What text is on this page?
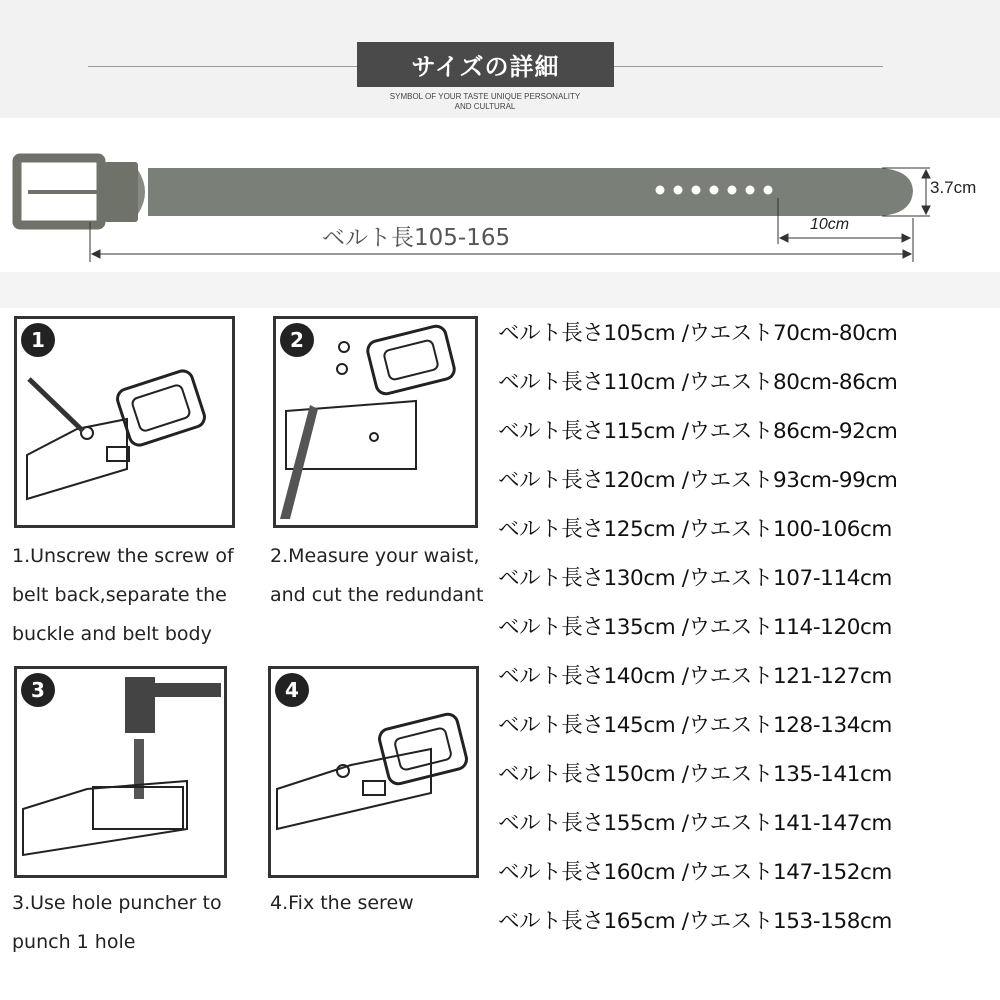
サイズの詳細
SYMBOL OF YOUR TASTE UNIQUE PERSONALITY
AND CULTURAL
ベルト長105-165
3.7cm
10cm
1
1.Unscrew the screw of
belt back,separate the
buckle and belt body
2
2.Measure your waist,
and cut the redundant
3
3.Use hole puncher to
punch 1 hole
4
4.Fix the serew
ベルト長さ105cm /ウエスト70cm-80cm
ベルト長さ110cm /ウエスト80cm-86cm
ベルト長さ115cm /ウエスト86cm-92cm
ベルト長さ120cm /ウエスト93cm-99cm
ベルト長さ125cm /ウエスト100-106cm
ベルト長さ130cm /ウエスト107-114cm
ベルト長さ135cm /ウエスト114-120cm
ベルト長さ140cm /ウエスト121-127cm
ベルト長さ145cm /ウエスト128-134cm
ベルト長さ150cm /ウエスト135-141cm
ベルト長さ155cm /ウエスト141-147cm
ベルト長さ160cm /ウエスト147-152cm
ベルト長さ165cm /ウエスト153-158cm
